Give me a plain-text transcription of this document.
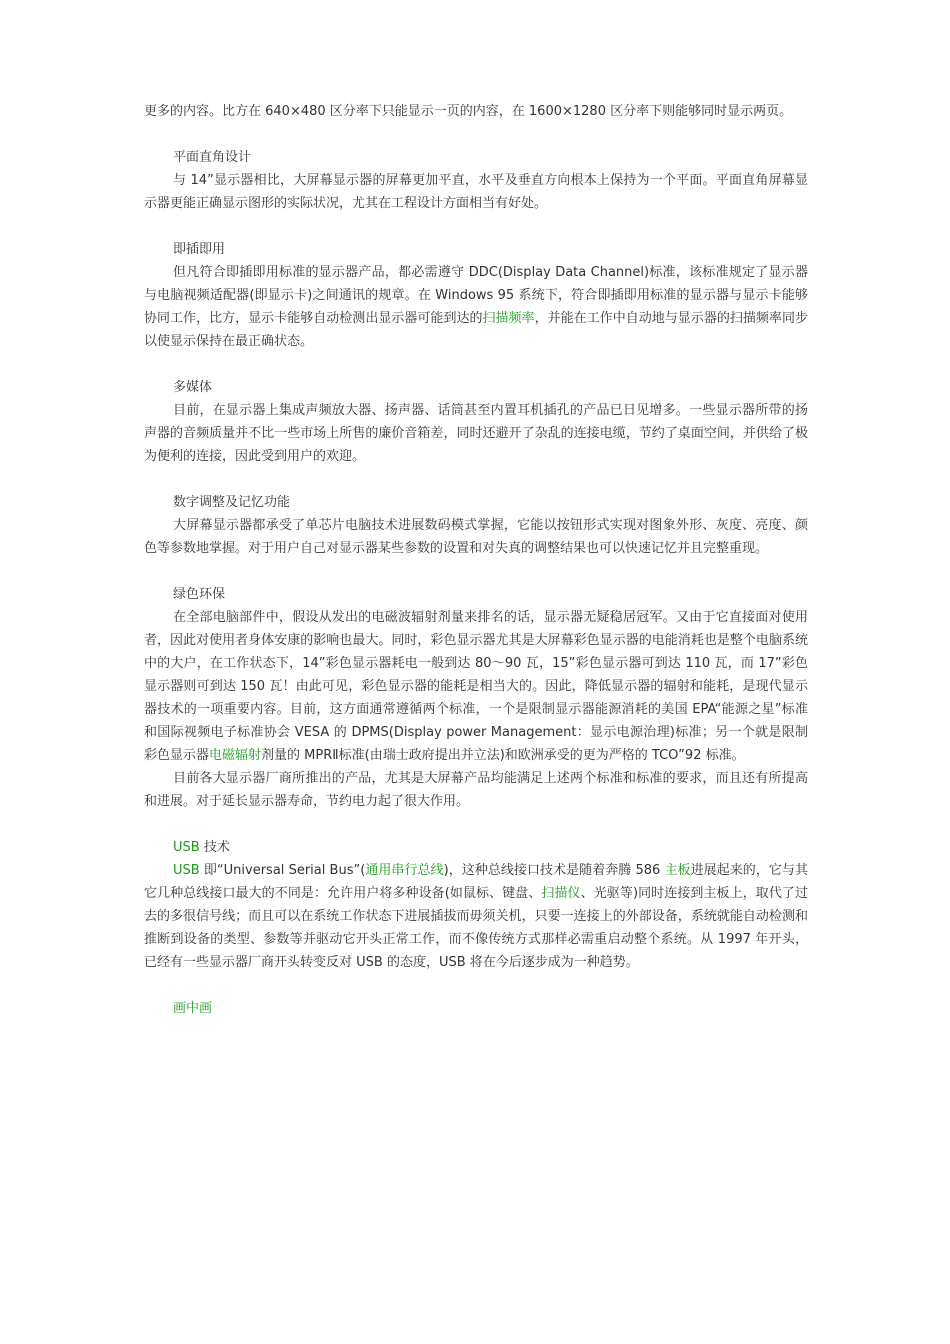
更多的内容。比方在 640×480 区分率下只能显示一页的内容，在 1600×1280 区分率下则能够同时显示两页。
平面直角设计
与 14”显示器相比，大屏幕显示器的屏幕更加平直，水平及垂直方向根本上保持为一个平面。平面直角屏幕显示器更能正确显示图形的实际状况，尤其在工程设计方面相当有好处。
即插即用
但凡符合即插即用标准的显示器产品，都必需遵守 DDC(Display Data Channel)标准，该标准规定了显示器与电脑视频适配器(即显示卡)之间通讯的规章。在 Windows 95 系统下，符合即插即用标准的显示器与显示卡能够协同工作，比方，显示卡能够自动检测出显示器可能到达的扫描频率，并能在工作中自动地与显示器的扫描频率同步以使显示保持在最正确状态。
多媒体
目前，在显示器上集成声频放大器、扬声器、话筒甚至内置耳机插孔的产品已日见增多。一些显示器所带的扬声器的音频质量并不比一些市场上所售的廉价音箱差，同时还避开了杂乱的连接电缆，节约了桌面空间，并供给了极为便利的连接，因此受到用户的欢迎。
数字调整及记忆功能
大屏幕显示器都承受了单芯片电脑技术进展数码模式掌握，它能以按钮形式实现对图象外形、灰度、亮度、颜色等参数地掌握。对于用户自己对显示器某些参数的设置和对失真的调整结果也可以快速记忆并且完整重现。
绿色环保
在全部电脑部件中，假设从发出的电磁波辐射剂量来排名的话，显示器无疑稳居冠军。又由于它直接面对使用者，因此对使用者身体安康的影响也最大。同时，彩色显示器尤其是大屏幕彩色显示器的电能消耗也是整个电脑系统中的大户，在工作状态下，14”彩色显示器耗电一般到达 80～90 瓦，15”彩色显示器可到达 110 瓦，而 17”彩色显示器则可到达 150 瓦！由此可见，彩色显示器的能耗是相当大的。因此，降低显示器的辐射和能耗，是现代显示器技术的一项重要内容。目前，这方面通常遵循两个标准，一个是限制显示器能源消耗的美国 EPA“能源之星”标准和国际视频电子标准协会 VESA 的 DPMS(Display power Management：显示电源治理)标准；另一个就是限制彩色显示器电磁辐射剂量的 MPRⅡ标准(由瑞士政府提出并立法)和欧洲承受的更为严格的 TCO”92 标准。
目前各大显示器厂商所推出的产品，尤其是大屏幕产品均能满足上述两个标准和标准的要求，而且还有所提高和进展。对于延长显示器寿命，节约电力起了很大作用。
USB 技术
USB 即“Universal Serial Bus”(通用串行总线)，这种总线接口技术是随着奔腾 586 主板进展起来的，它与其它几种总线接口最大的不同是：允许用户将多种设备(如鼠标、键盘、扫描仪、光驱等)同时连接到主板上，取代了过去的多很信号线；而且可以在系统工作状态下进展插拔而毋须关机，只要一连接上的外部设备，系统就能自动检测和推断到设备的类型、参数等并驱动它开头正常工作，而不像传统方式那样必需重启动整个系统。从 1997 年开头，已经有一些显示器厂商开头转变反对 USB 的态度，USB 将在今后逐步成为一种趋势。
画中画
